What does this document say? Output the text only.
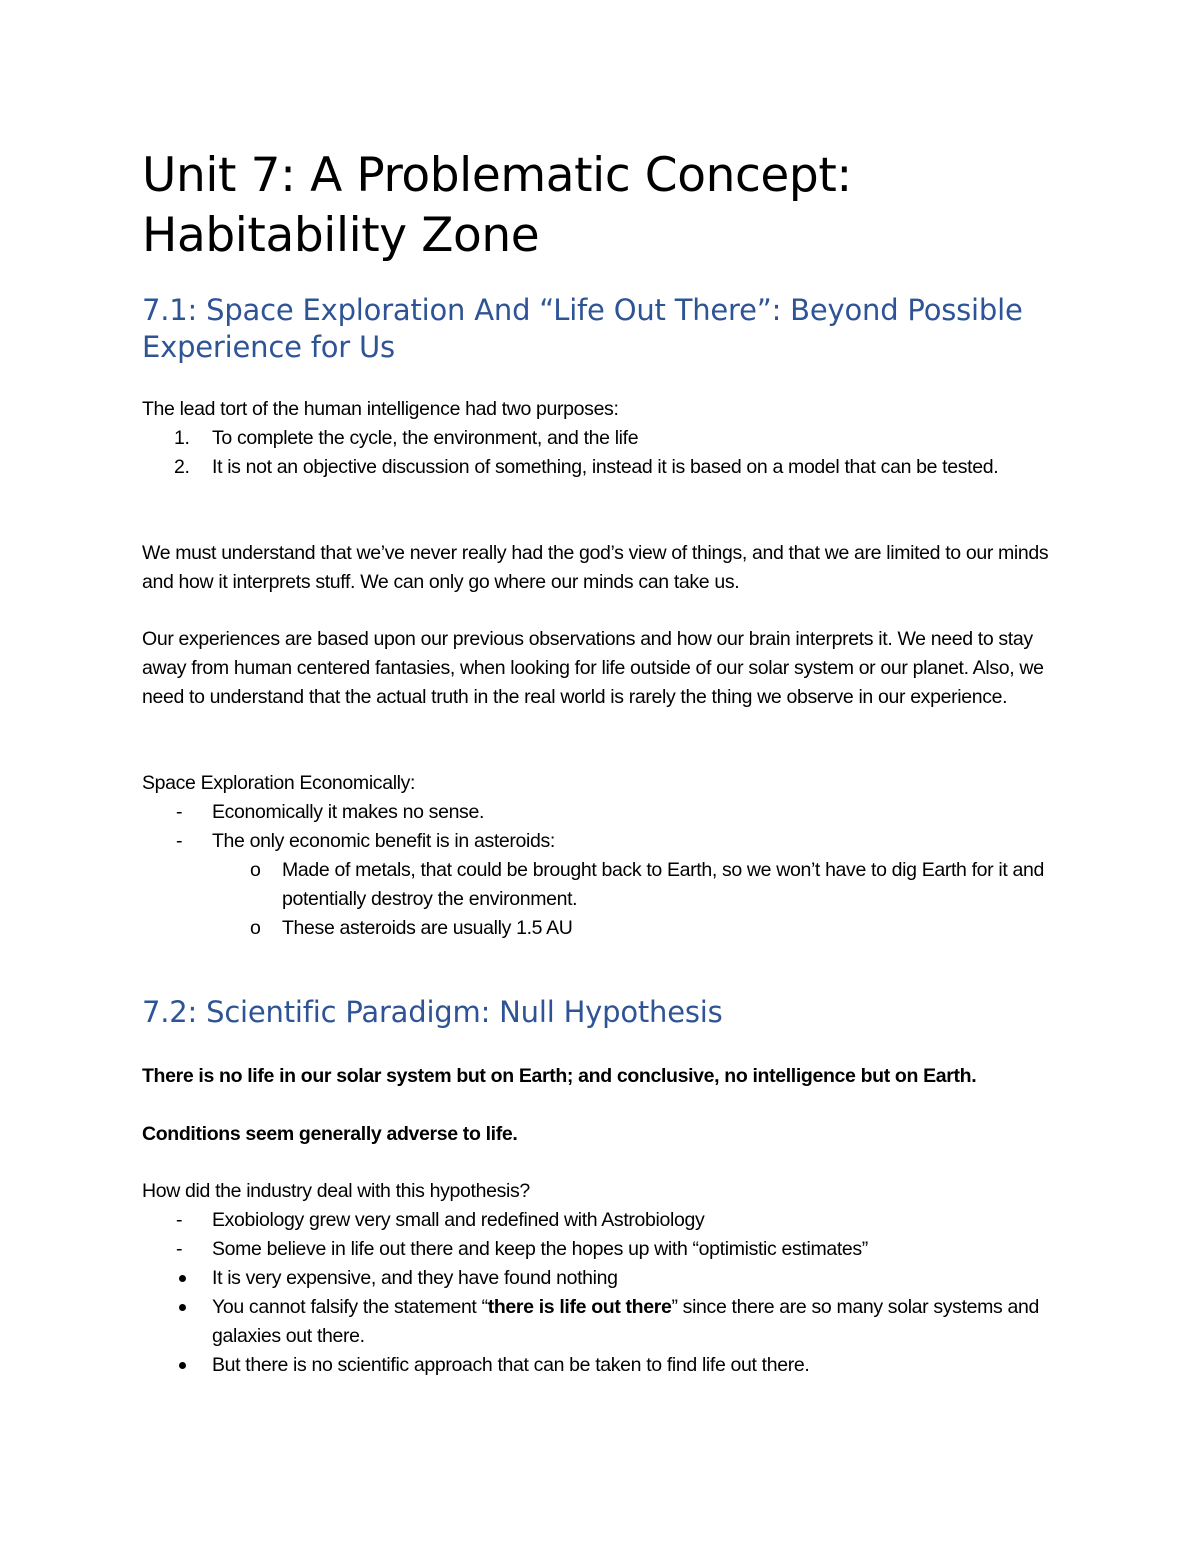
Unit 7: A Problematic Concept: Habitability Zone
7.1: Space Exploration And “Life Out There”: Beyond Possible Experience for Us

The lead tort of the human intelligence had two purposes:

1.	To complete the cycle, the environment, and the life
2.	It is not an objective discussion of something, instead it is based on a model that can be tested.

We must understand that we’ve never really had the god’s view of things, and that we are limited to our minds and how it interprets stuff. We can only go where our minds can take us.

Our experiences are based upon our previous observations and how our brain interprets it. We need to stay away from human centered fantasies, when looking for life outside of our solar system or our planet. Also, we need to understand that the actual truth in the real world is rarely the thing we observe in our experience.

Space Exploration Economically:

-	Economically it makes no sense.
-	The only economic benefit is in asteroids:
o	Made of metals, that could be brought back to Earth, so we won’t have to dig Earth for it and potentially destroy the environment.
o	These asteroids are usually 1.5 AU
7.2: Scientific Paradigm: Null Hypothesis

There is no life in our solar system but on Earth; and conclusive, no intelligence but on Earth.

Conditions seem generally adverse to life.

How did the industry deal with this hypothesis?

-	Exobiology grew very small and redefined with Astrobiology
-	Some believe in life out there and keep the hopes up with “optimistic estimates”
It is very expensive, and they have found nothing
You cannot falsify the statement “there is life out there” since there are so many solar systems and galaxies out there.
But there is no scientific approach that can be taken to find life out there.
